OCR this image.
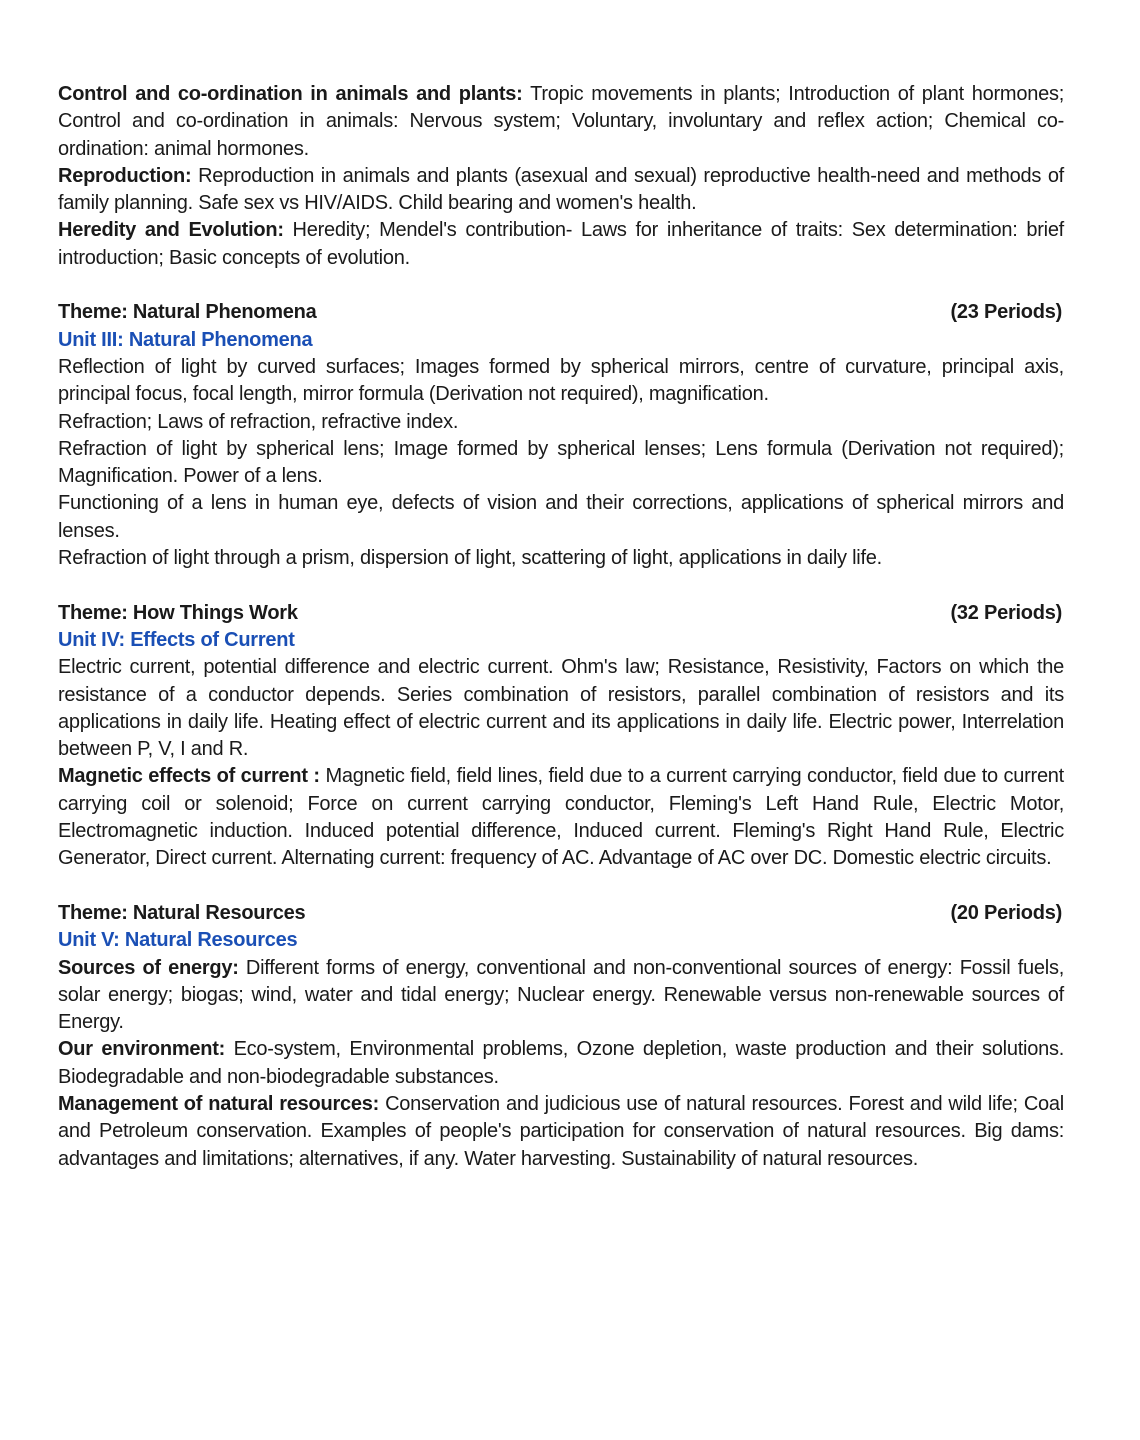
Control and co-ordination in animals and plants: Tropic movements in plants; Introduction of plant hormones; Control and co-ordination in animals: Nervous system; Voluntary, involuntary and reflex action; Chemical co-ordination: animal hormones.

Reproduction: Reproduction in animals and plants (asexual and sexual) reproductive health-need and methods of family planning. Safe sex vs HIV/AIDS. Child bearing and women's health.

Heredity and Evolution: Heredity; Mendel's contribution- Laws for inheritance of traits: Sex determination: brief introduction; Basic concepts of evolution.

Theme: Natural Phenomena	(23 Periods)
Unit III: Natural Phenomena

Reflection of light by curved surfaces; Images formed by spherical mirrors, centre of curvature, principal axis, principal focus, focal length, mirror formula (Derivation not required), magnification.

Refraction; Laws of refraction, refractive index.

Refraction of light by spherical lens; Image formed by spherical lenses; Lens formula (Derivation not required); Magnification. Power of a lens.

Functioning of a lens in human eye, defects of vision and their corrections, applications of spherical mirrors and lenses.

Refraction of light through a prism, dispersion of light, scattering of light, applications in daily life.

Theme: How Things Work	(32 Periods)
Unit IV: Effects of Current

Electric current, potential difference and electric current. Ohm's law; Resistance, Resistivity, Factors on which the resistance of a conductor depends. Series combination of resistors, parallel combination of resistors and its applications in daily life. Heating effect of electric current and its applications in daily life. Electric power, Interrelation between P, V, I and R.

Magnetic effects of current : Magnetic field, field lines, field due to a current carrying conductor, field due to current carrying coil or solenoid; Force on current carrying conductor, Fleming's Left Hand Rule, Electric Motor, Electromagnetic induction. Induced potential difference, Induced current. Fleming's Right Hand Rule, Electric Generator, Direct current. Alternating current: frequency of AC. Advantage of AC over DC. Domestic electric circuits.

Theme: Natural Resources	(20 Periods)
Unit V: Natural Resources

Sources of energy: Different forms of energy, conventional and non-conventional sources of energy: Fossil fuels, solar energy; biogas; wind, water and tidal energy; Nuclear energy. Renewable versus non-renewable sources of Energy.

Our environment: Eco-system, Environmental problems, Ozone depletion, waste production and their solutions. Biodegradable and non-biodegradable substances.

Management of natural resources: Conservation and judicious use of natural resources. Forest and wild life; Coal and Petroleum conservation. Examples of people's participation for conservation of natural resources. Big dams: advantages and limitations; alternatives, if any. Water harvesting. Sustainability of natural resources.
